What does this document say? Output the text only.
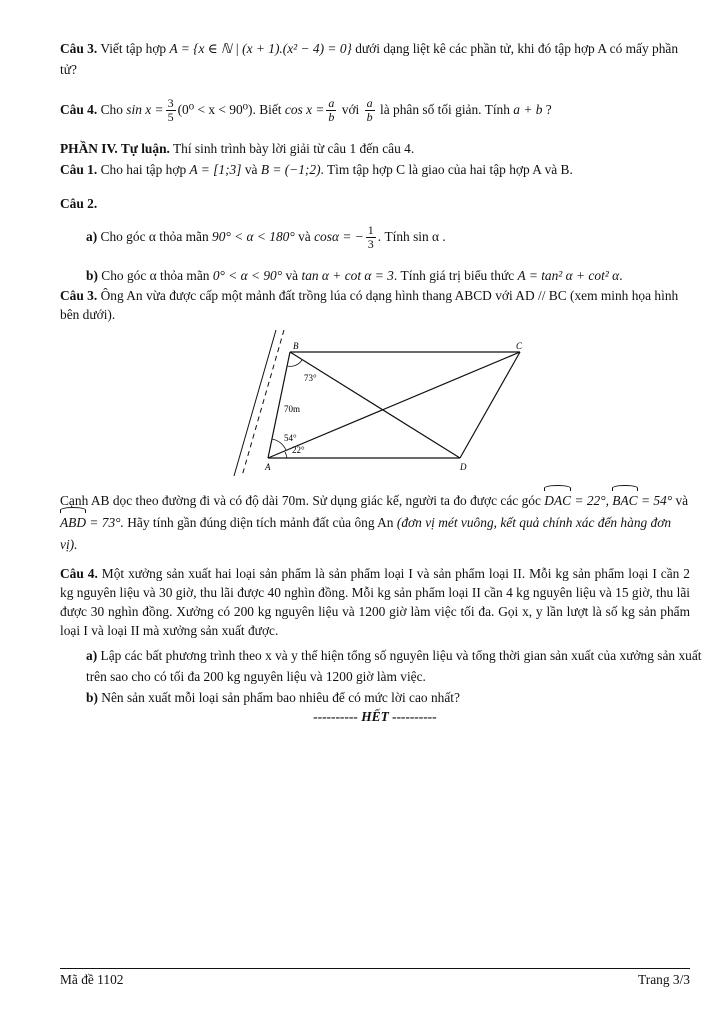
Câu 3. Viết tập hợp A = {x ∈ ℕ | (x + 1).(x² − 4) = 0} dưới dạng liệt kê các phần tử, khi đó tập hợp A có mấy phần tử?
Câu 4. Cho $\sin x = \frac{3}{5} (0^0 < x < 90^0)$. Biết $\cos x = \frac{a}{b}$ với $\frac{a}{b}$ là phân số tối giản. Tính a + b ?
PHẦN IV. Tự luận. Thí sinh trình bày lời giải từ câu 1 đến câu 4.
Câu 1. Cho hai tập hợp A = [1;3] và B = (−1;2). Tìm tập hợp C là giao của hai tập hợp A và B.
Câu 2.
a) Cho góc α thỏa mãn 90° < α < 180° và cosα = − $\frac{1}{3}$ . Tính sin α .
b) Cho góc α thỏa mãn 0° < α < 90° và tan α + cot α = 3. Tính giá trị biểu thức A = tan² α + cot² α.
Câu 3. Ông An vừa được cấp một mảnh đất trồng lúa có dạng hình thang ABCD với AD // BC (xem minh họa hình bên dưới).
B	C
A	D
70m
73°
54°
22°
Cạnh AB dọc theo đường đi và có độ dài 70m. Sử dụng giác kế, người ta đo được các góc DAC = 22°, BAC = 54° và ABD = 73°. Hãy tính gần đúng diện tích mảnh đất của ông An (đơn vị mét vuông, kết quả chính xác đến hàng đơn vị).
Câu 4. Một xưởng sản xuất hai loại sản phẩm là sản phẩm loại I và sản phẩm loại II. Mỗi kg sản phẩm loại I cần 2 kg nguyên liệu và 30 giờ, thu lãi được 40 nghìn đồng. Mỗi kg sản phẩm loại II cần 4 kg nguyên liệu và 15 giờ, thu lãi được 30 nghìn đồng. Xưởng có 200 kg nguyên liệu và 1200 giờ làm việc tối đa. Gọi x, y lần lượt là số kg sản phẩm loại I và loại II mà xưởng sản xuất được.
a) Lập các bất phương trình theo x và y thể hiện tổng số nguyên liệu và tổng thời gian sản xuất của xưởng sản xuất trên sao cho có tối đa 200 kg nguyên liệu và 1200 giờ làm việc.
b) Nên sản xuất mỗi loại sản phẩm bao nhiêu để có mức lời cao nhất?
---------- HẾT ----------
Mã đề 1102	Trang 3/3
